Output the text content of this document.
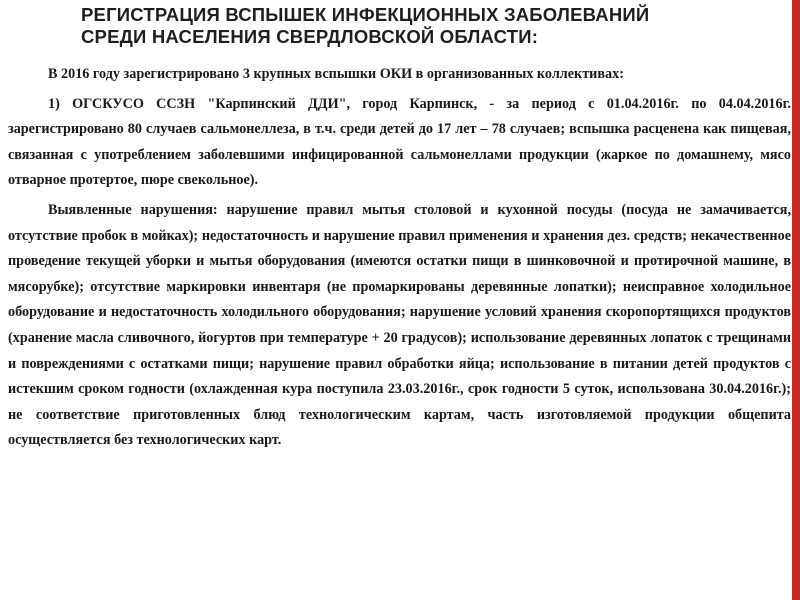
РЕГИСТРАЦИЯ ВСПЫШЕК ИНФЕКЦИОННЫХ ЗАБОЛЕВАНИЙ
СРЕДИ НАСЕЛЕНИЯ СВЕРДЛОВСКОЙ ОБЛАСТИ:

В 2016 году зарегистрировано 3 крупных вспышки ОКИ в организованных коллективах:

1) ОГСКУСО ССЗН "Карпинский ДДИ", город Карпинск, - за период с 01.04.2016г. по 04.04.2016г. зарегистрировано 80 случаев сальмонеллеза, в т.ч. среди детей до 17 лет – 78 случаев; вспышка расценена как пищевая, связанная с употреблением заболевшими инфицированной сальмонеллами продукции (жаркое по домашнему, мясо отварное протертое, пюре свекольное).

Выявленные нарушения: нарушение правил мытья столовой и кухонной посуды (посуда не замачивается, отсутствие пробок в мойках); недостаточность и нарушение правил применения и хранения дез. средств; некачественное проведение текущей уборки и мытья оборудования (имеются остатки пищи в шинковочной и протирочной машине, в мясорубке); отсутствие маркировки инвентаря (не промаркированы деревянные лопатки); неисправное холодильное оборудование и недостаточность холодильного оборудования; нарушение условий хранения скоропортящихся продуктов (хранение масла сливочного, йогуртов при температуре + 20 градусов); использование деревянных лопаток с трещинами и повреждениями с остатками пищи; нарушение правил обработки яйца; использование в питании детей продуктов с истекшим сроком годности (охлажденная кура поступила 23.03.2016г., срок годности 5 суток, использована 30.04.2016г.); не соответствие приготовленных блюд технологическим картам, часть изготовляемой продукции общепита осуществляется без технологических карт.
